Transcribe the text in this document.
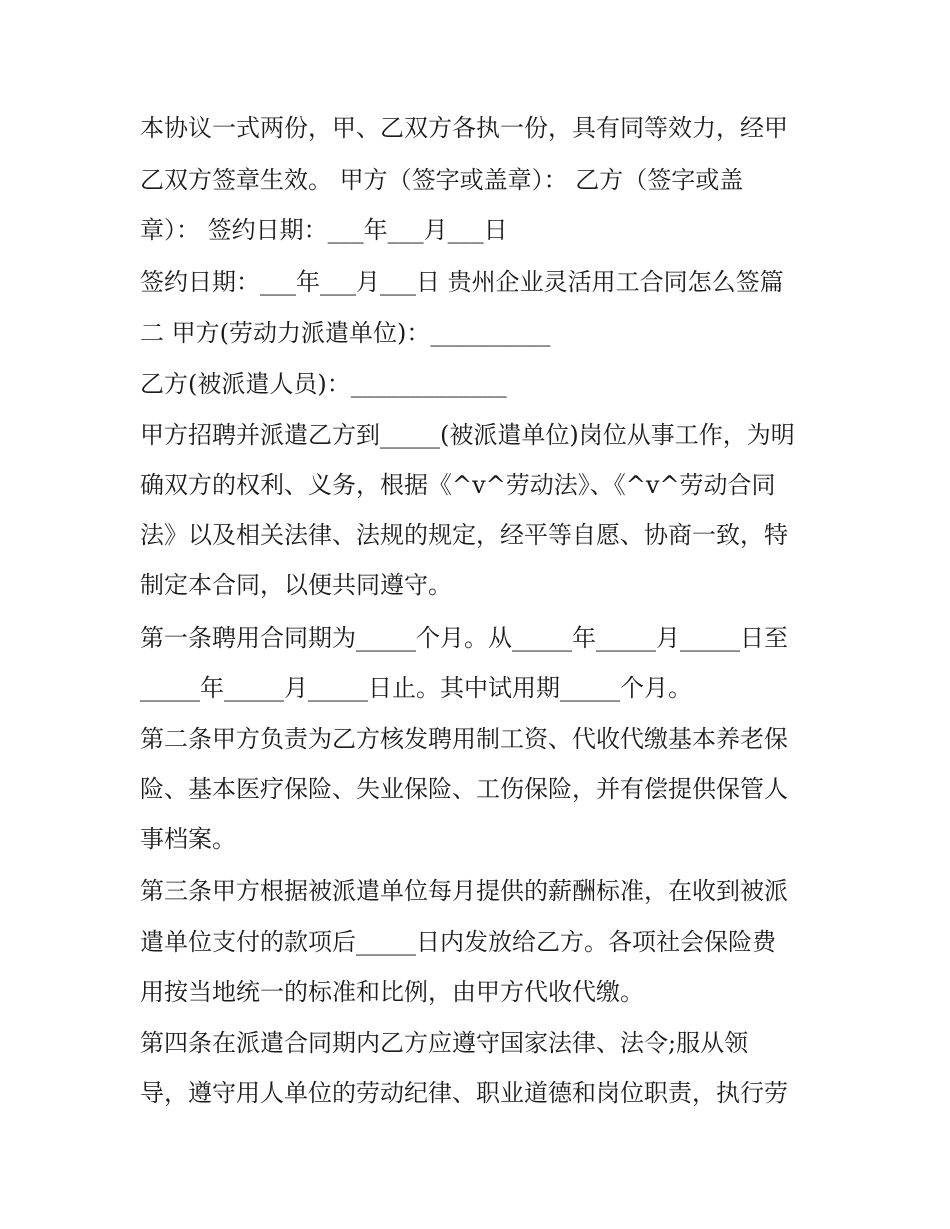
本协议一式两份，甲、乙双方各执一份，具有同等效力，经甲
乙双方签章生效。 甲方（签字或盖章）： 乙方（签字或盖
章）： 签约日期：___年___月___日
签约日期：___年___月___日 贵州企业灵活用工合同怎么签篇
二 甲方(劳动力派遣单位)：__________
乙方(被派遣人员)：_____________
甲方招聘并派遣乙方到_____(被派遣单位)岗位从事工作，为明
确双方的权利、义务，根据《^v^劳动法》、《^v^劳动合同
法》以及相关法律、法规的规定，经平等自愿、协商一致，特
制定本合同，以便共同遵守。
第一条聘用合同期为_____个月。从_____年_____月_____日至
_____年_____月_____日止。其中试用期_____个月。
第二条甲方负责为乙方核发聘用制工资、代收代缴基本养老保
险、基本医疗保险、失业保险、工伤保险，并有偿提供保管人
事档案。
第三条甲方根据被派遣单位每月提供的薪酬标准，在收到被派
遣单位支付的款项后_____日内发放给乙方。各项社会保险费
用按当地统一的标准和比例，由甲方代收代缴。
第四条在派遣合同期内乙方应遵守国家法律、法令;服从领
导，遵守用人单位的劳动纪律、职业道德和岗位职责，执行劳
